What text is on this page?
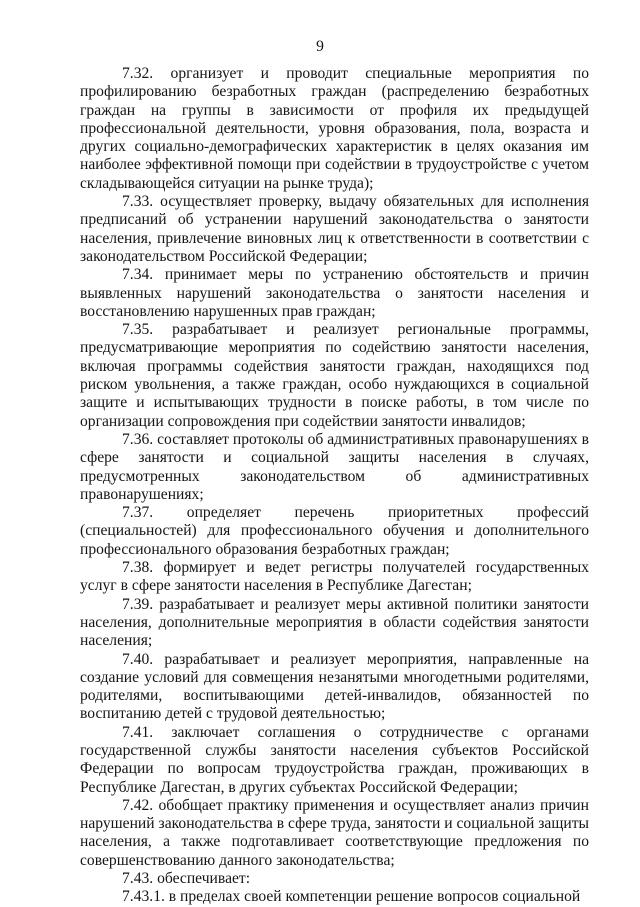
9

7.32. организует и проводит специальные мероприятия по профилированию безработных граждан (распределению безработных граждан на группы в зависимости от профиля их предыдущей профессиональной деятельности, уровня образования, пола, возраста и других социально-демографических характеристик в целях оказания им наиболее эффективной помощи при содействии в трудоустройстве с учетом складывающейся ситуации на рынке труда);

7.33. осуществляет проверку, выдачу обязательных для исполнения предписаний об устранении нарушений законодательства о занятости населения, привлечение виновных лиц к ответственности в соответствии с законодательством Российской Федерации;

7.34. принимает меры по устранению обстоятельств и причин выявленных нарушений законодательства о занятости населения и восстановлению нарушенных прав граждан;

7.35. разрабатывает и реализует региональные программы, предусматривающие мероприятия по содействию занятости населения, включая программы содействия занятости граждан, находящихся под риском увольнения, а также граждан, особо нуждающихся в социальной защите и испытывающих трудности в поиске работы, в том числе по организации сопровождения при содействии занятости инвалидов;

7.36. составляет протоколы об административных правонарушениях в сфере занятости и социальной защиты населения в случаях, предусмотренных законодательством об административных правонарушениях;

7.37. определяет перечень приоритетных профессий (специальностей) для профессионального обучения и дополнительного профессионального образования безработных граждан;

7.38. формирует и ведет регистры получателей государственных услуг в сфере занятости населения в Республике Дагестан;

7.39. разрабатывает и реализует меры активной политики занятости населения, дополнительные мероприятия в области содействия занятости населения;

7.40. разрабатывает и реализует мероприятия, направленные на создание условий для совмещения незанятыми многодетными родителями, родителями, воспитывающими детей-инвалидов, обязанностей по воспитанию детей с трудовой деятельностью;

7.41. заключает соглашения о сотрудничестве с органами государственной службы занятости населения субъектов Российской Федерации по вопросам трудоустройства граждан, проживающих в Республике Дагестан, в других субъектах Российской Федерации;

7.42. обобщает практику применения и осуществляет анализ причин нарушений законодательства в сфере труда, занятости и социальной защиты населения, а также подготавливает соответствующие предложения по совершенствованию данного законодательства;

7.43. обеспечивает:

7.43.1. в пределах своей компетенции решение вопросов социальной
